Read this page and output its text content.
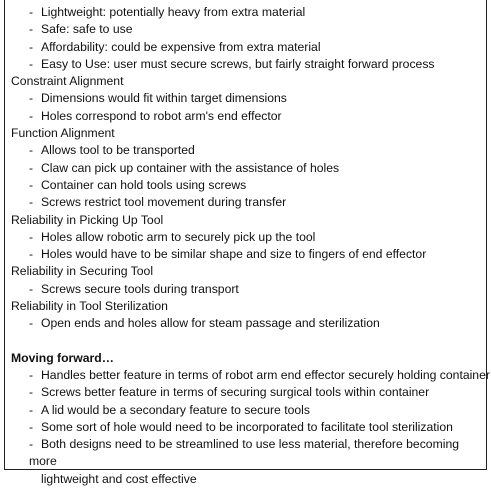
- Lightweight: potentially heavy from extra material
- Safe: safe to use
- Affordability: could be expensive from extra material
- Easy to Use: user must secure screws, but fairly straight forward process
Constraint Alignment
- Dimensions would fit within target dimensions
- Holes correspond to robot arm's end effector
Function Alignment
- Allows tool to be transported
- Claw can pick up container with the assistance of holes
- Container can hold tools using screws
- Screws restrict tool movement during transfer
Reliability in Picking Up Tool
- Holes allow robotic arm to securely pick up the tool
- Holes would have to be similar shape and size to fingers of end effector
Reliability in Securing Tool
- Screws secure tools during transport
Reliability in Tool Sterilization
- Open ends and holes allow for steam passage and sterilization
Moving forward…
- Handles better feature in terms of robot arm end effector securely holding container
- Screws better feature in terms of securing surgical tools within container
- A lid would be a secondary feature to secure tools
- Some sort of hole would need to be incorporated to facilitate tool sterilization
- Both designs need to be streamlined to use less material, therefore becoming more
lightweight and cost effective
